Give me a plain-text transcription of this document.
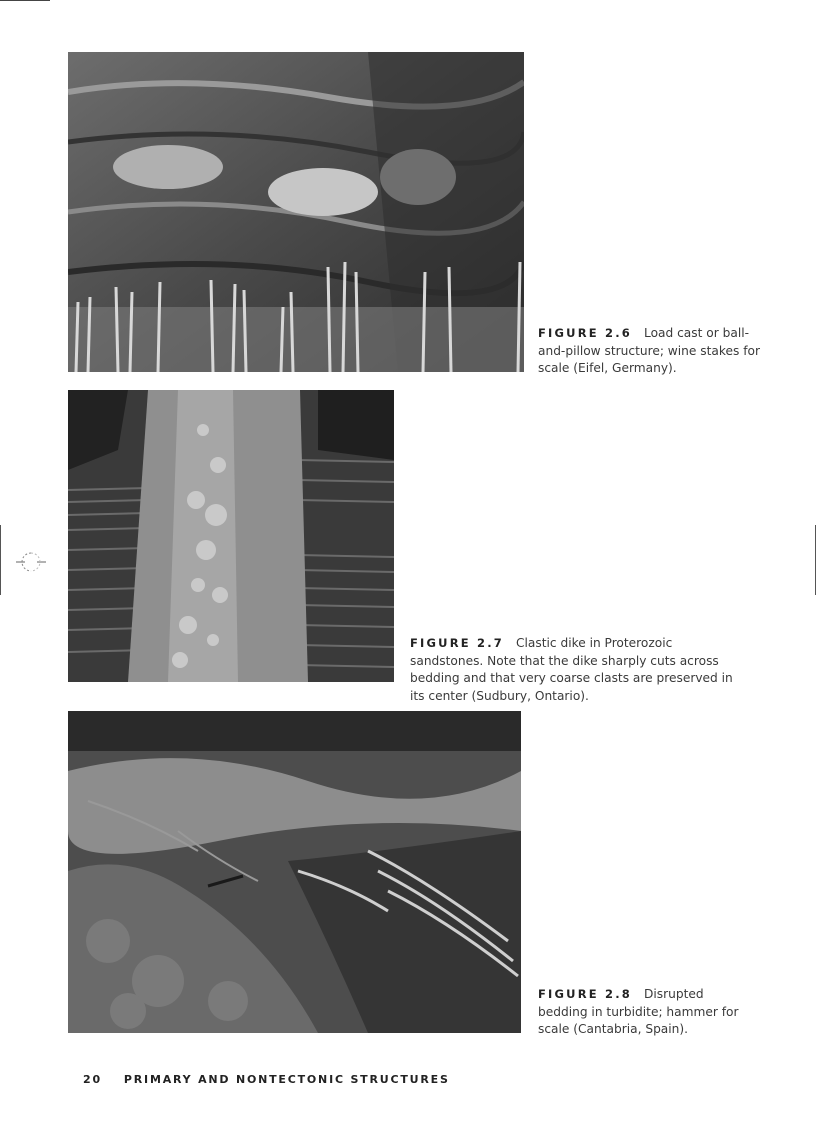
FIGURE 2.6 Load cast or ball-and-pillow structure; wine stakes for scale (Eifel, Germany).
FIGURE 2.7 Clastic dike in Proterozoic sandstones. Note that the dike sharply cuts across bedding and that very coarse clasts are preserved in its center (Sudbury, Ontario).
FIGURE 2.8 Disrupted bedding in turbidite; hammer for scale (Cantabria, Spain).
20 PRIMARY AND NONTECTONIC STRUCTURES
